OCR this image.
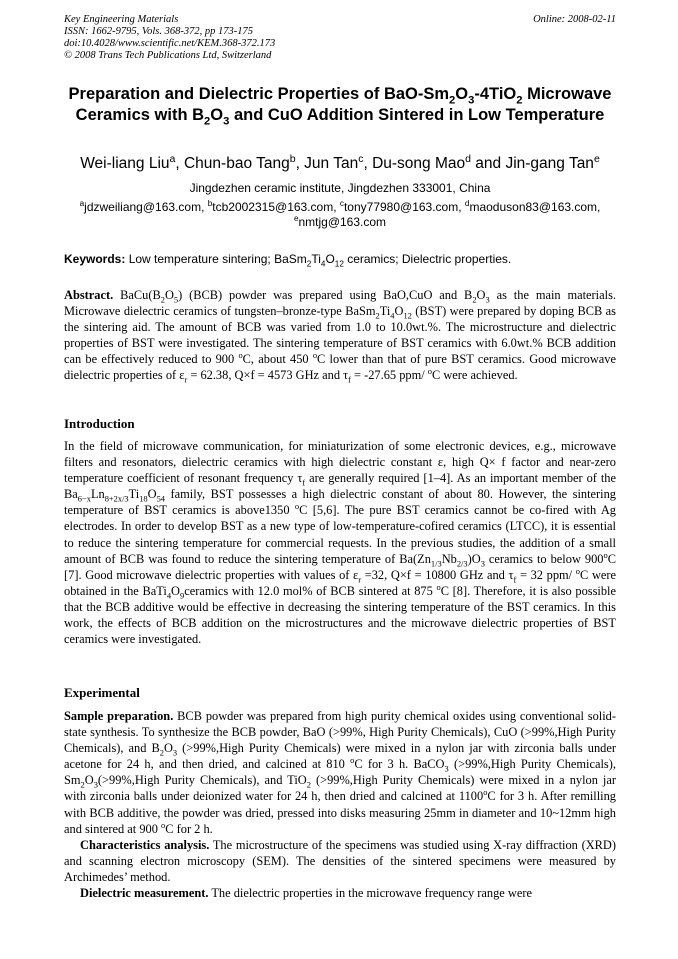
Key Engineering Materials
ISSN: 1662-9795, Vols. 368-372, pp 173-175
doi:10.4028/www.scientific.net/KEM.368-372.173
© 2008 Trans Tech Publications Ltd, Switzerland
Online: 2008-02-11
Preparation and Dielectric Properties of BaO-$Sm_2O_3-4TiO_2$ Microwave Ceramics with $B_2O_3$ and CuO Addition Sintered in Low Temperature
Wei-liang Liu$^a$, Chun-bao Tang$^b$, Jun Tan$^c$, Du-song Mao$^d$ and Jin-gang Tan$^e$
Jingdezhen ceramic institute, Jingdezhen 333001, China
$^a$jdzweiliang@163.com, $^b$tcb2002315@163.com, $^c$tony77980@163.com, $^d$maoduson83@163.com,
$^e$nmtjg@163.com
Keywords: Low temperature sintering; $BaSm_2Ti_4O_{12}$ ceramics; Dielectric properties.
Abstract. $BaCu(B_2O_5)$ (BCB) powder was prepared using BaO,CuO and $B_2O_3$ as the main materials. Microwave dielectric ceramics of tungsten–bronze-type $BaSm_2Ti_4O_{12}$ (BST) were prepared by doping BCB as the sintering aid. The amount of BCB was varied from 1.0 to 10.0wt.%. The microstructure and dielectric properties of BST were investigated. The sintering temperature of BST ceramics with 6.0wt.% BCB addition can be effectively reduced to 900 $^o$C, about 450 $^o$C lower than that of pure BST ceramics. Good microwave dielectric properties of $\varepsilon_r = 62.38$, Q×f = 4573 GHz and $\tau_f = -27.65$ ppm/ $^o$C were achieved.
Introduction
In the field of microwave communication, for miniaturization of some electronic devices, e.g., microwave filters and resonators, dielectric ceramics with high dielectric constant ε, high Q× f factor and near-zero temperature coefficient of resonant frequency $\tau_f$ are generally required [1–4]. As an important member of the $Ba_{6-x}Ln_{8+2x/3}Ti_{18}O_{54}$ family, BST possesses a high dielectric constant of about 80. However, the sintering temperature of BST ceramics is above1350 $^o$C [5,6]. The pure BST ceramics cannot be co-fired with Ag electrodes. In order to develop BST as a new type of low-temperature-cofired ceramics (LTCC), it is essential to reduce the sintering temperature for commercial requests. In the previous studies, the addition of a small amount of BCB was found to reduce the sintering temperature of $Ba(Zn_{1/3}Nb_{2/3})O_3$ ceramics to below 900$^o$C [7]. Good microwave dielectric properties with values of $\varepsilon_r =32$, Q×f = 10800 GHz and $\tau_f = 32$ ppm/ $^o$C were obtained in the $BaTi_4O_9ceramics$ with 12.0 mol% of BCB sintered at 875 $^o$C [8]. Therefore, it is also possible that the BCB additive would be effective in decreasing the sintering temperature of the BST ceramics. In this work, the effects of BCB addition on the microstructures and the microwave dielectric properties of BST ceramics were investigated.
Experimental
Sample preparation. BCB powder was prepared from high purity chemical oxides using conventional solid-state synthesis. To synthesize the BCB powder, BaO (>99%, High Purity Chemicals), CuO (>99%,High Purity Chemicals), and $B_2O_3$ (>99%,High Purity Chemicals) were mixed in a nylon jar with zirconia balls under acetone for 24 h, and then dried, and calcined at 810 $^o$C for 3 h. BaCO$_3$ (>99%,High Purity Chemicals), $Sm_2O_3(>99\%,High$ Purity Chemicals), and TiO$_2$ (>99%,High Purity Chemicals) were mixed in a nylon jar with zirconia balls under deionized water for 24 h, then dried and calcined at 1100$^o$C for 3 h. After remilling with BCB additive, the powder was dried, pressed into disks measuring 25mm in diameter and 10~12mm high and sintered at 900 $^o$C for 2 h.
Characteristics analysis. The microstructure of the specimens was studied using X-ray diffraction (XRD) and scanning electron microscopy (SEM). The densities of the sintered specimens were measured by Archimedes’ method.
Dielectric measurement. The dielectric properties in the microwave frequency range were
